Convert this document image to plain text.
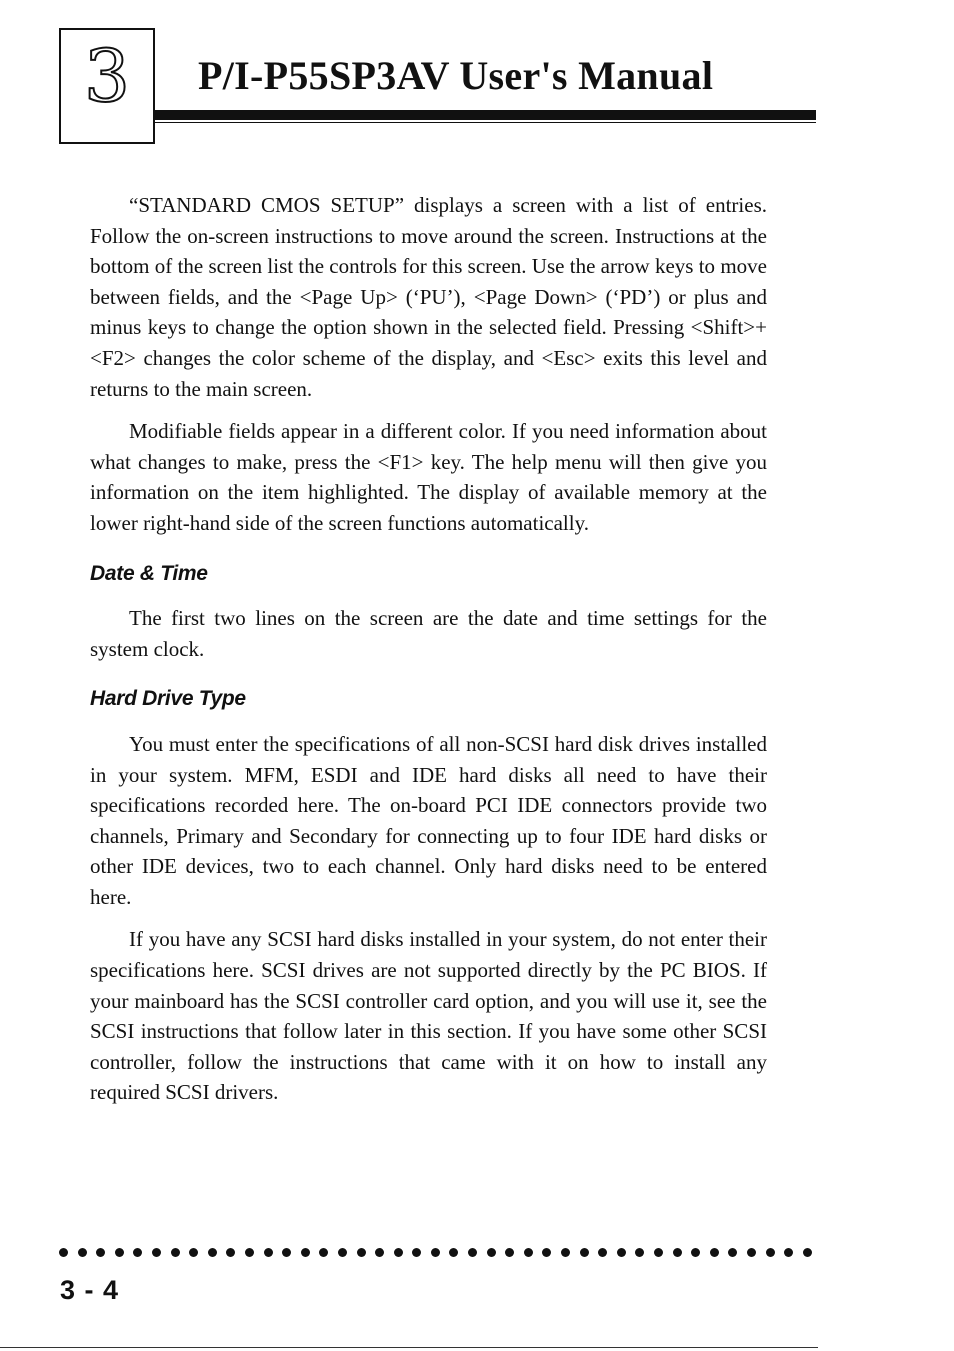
3	P/I-P55SP3AV User's Manual

“STANDARD CMOS SETUP” displays a screen with a list of entries. Follow the on-screen instructions to move around the screen. Instructions at the bottom of the screen list the controls for this screen. Use the arrow keys to move between fields, and the <Page Up> (‘PU’), <Page Down> (‘PD’) or plus and minus keys to change the option shown in the selected field. Pressing <Shift>+<F2> changes the color scheme of the display, and <Esc> exits this level and returns to the main screen.

Modifiable fields appear in a different color. If you need information about what changes to make, press the <F1> key. The help menu will then give you information on the item highlighted. The display of available memory at the lower right-hand side of the screen functions automatically.

Date & Time

The first two lines on the screen are the date and time settings for the system clock.

Hard Drive Type

You must enter the specifications of all non-SCSI hard disk drives installed in your system. MFM, ESDI and IDE hard disks all need to have their specifications recorded here. The on-board PCI IDE connectors provide two channels, Primary and Secondary for connecting up to four IDE hard disks or other IDE devices, two to each channel. Only hard disks need to be entered here.

If you have any SCSI hard disks installed in your system, do not enter their specifications here. SCSI drives are not supported directly by the PC BIOS. If your mainboard has the SCSI controller card option, and you will use it, see the SCSI instructions that follow later in this section. If you have some other SCSI controller, follow the instructions that came with it on how to install any required SCSI drivers.

3 - 4
